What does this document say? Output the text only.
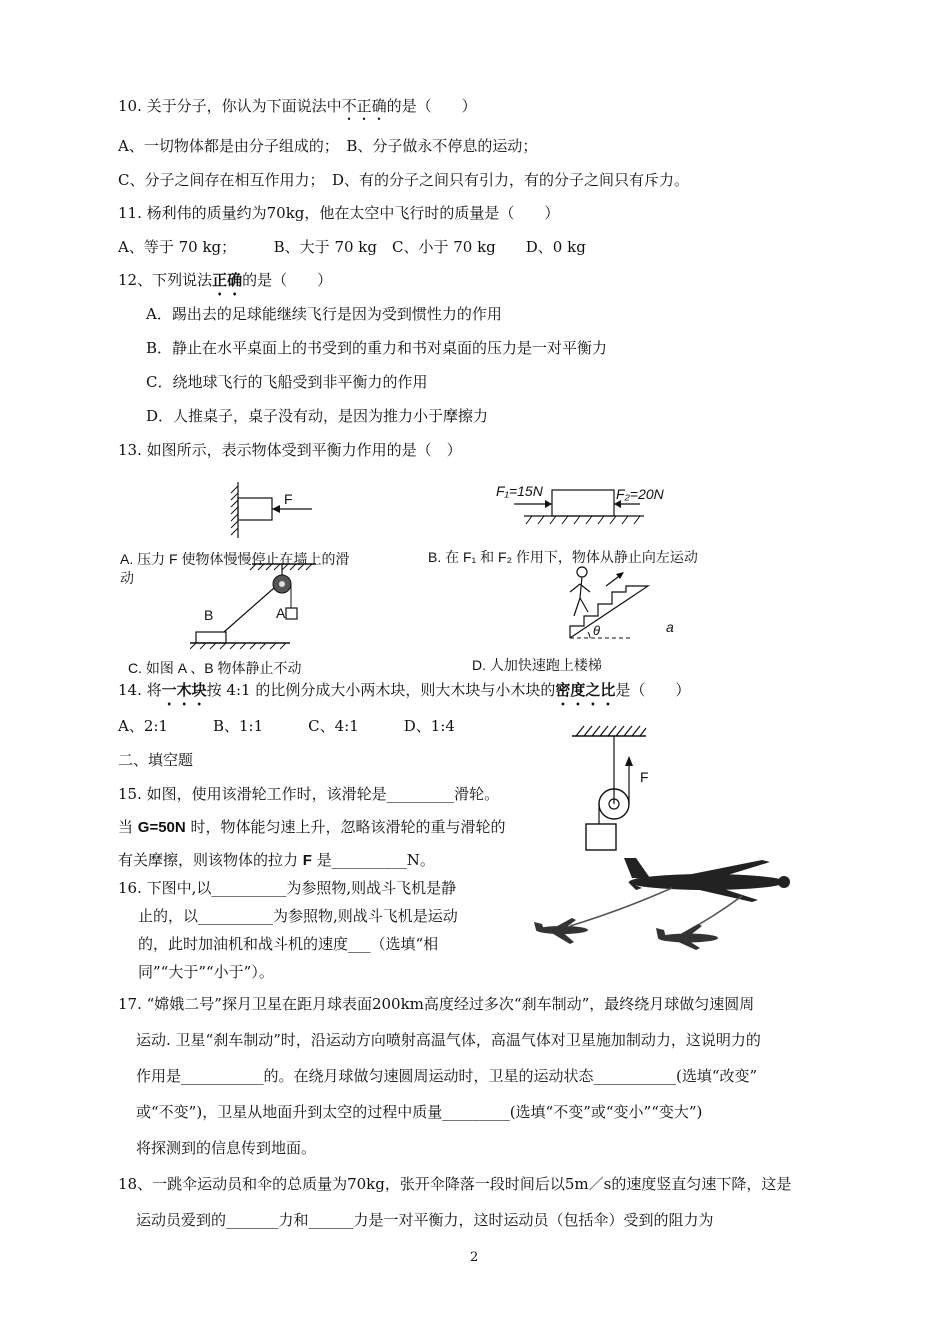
10. 关于分子，你认为下面说法中不正确的是（　　）
A、一切物体都是由分子组成的；　B、分子做永不停息的运动；
C、分子之间存在相互作用力；　D、有的分子之间只有引力，有的分子之间只有斥力。
11. 杨利伟的质量约为70kg，他在太空中飞行时的质量是（　　）
A、等于 70 kg；　　　B、大于 70 kg　C、小于 70 kg　　D、0 kg
12、下列说法正确的是（　　）
A．踢出去的足球能继续飞行是因为受到惯性力的作用
B．静止在水平桌面上的书受到的重力和书对桌面的压力是一对平衡力
C．绕地球飞行的飞船受到非平衡力的作用
D．人推桌子，桌子没有动，是因为推力小于摩擦力
13. 如图所示，表示物体受到平衡力作用的是（　）
F
A. 压力 F 使物体慢慢停止在墙上的滑
动
F₁=15N	F₂=20N
B. 在 F₁ 和 F₂ 作用下，物体从静止向左运动
A
B
C. 如图 A 、B 物体静止不动
θ	a
D. 人加快速跑上楼梯
14. 将一木块按 4:1 的比例分成大小两木块，则大木块与小木块的密度之比是（　　）
A、2:1　　　B、1:1　　　C、4:1　　　D、1:4
二、填空题
15. 如图，使用该滑轮工作时，该滑轮是_________滑轮。
当 G=50N 时，物体能匀速上升，忽略该滑轮的重与滑轮的
有关摩擦，则该物体的拉力 F 是__________N。
F
16. 下图中,以__________为参照物,则战斗飞机是静
止的，以__________为参照物,则战斗飞机是运动
的，此时加油机和战斗机的速度___（选填“相
同”“大于”“小于”）。
17. “嫦娥二号”探月卫星在距月球表面200km高度经过多次“刹车制动”，最终绕月球做匀速圆周
运动. 卫星“刹车制动”时，沿运动方向喷射高温气体，高温气体对卫星施加制动力，这说明力的
作用是___________的。在绕月球做匀速圆周运动时，卫星的运动状态___________(选填“改变”
或“不变”)，卫星从地面升到太空的过程中质量_________(选填“不变”或“变小”“变大”)
将探测到的信息传到地面。
18、一跳伞运动员和伞的总质量为70kg，张开伞降落一段时间后以5m／s的速度竖直匀速下降，这是
运动员爱到的_______力和______力是一对平衡力，这时运动员（包括伞）受到的阻力为
2
